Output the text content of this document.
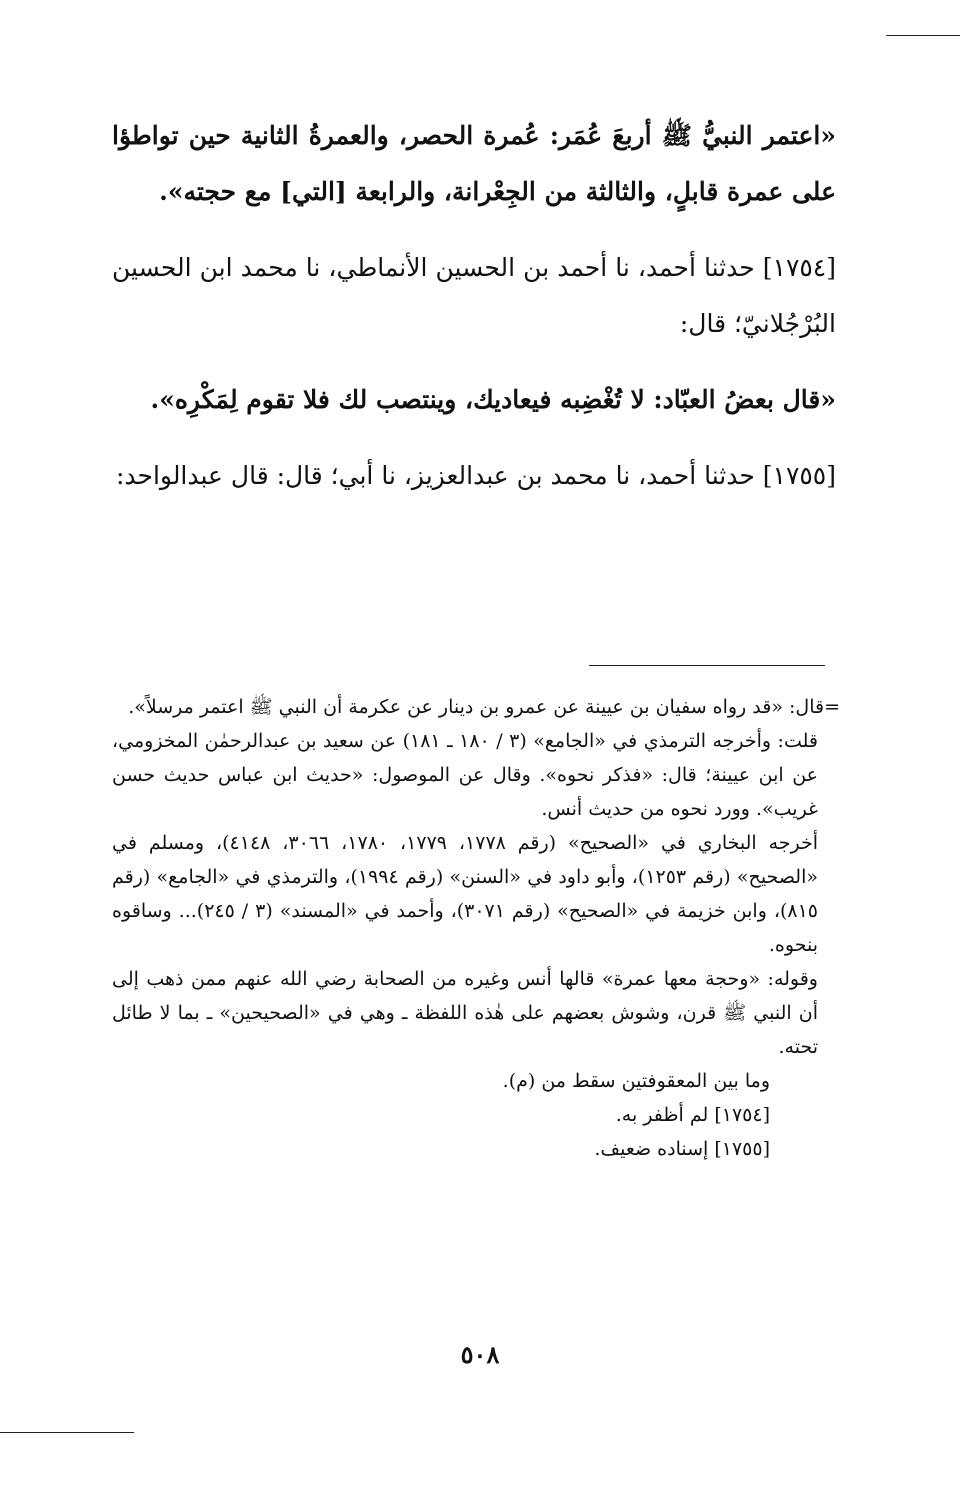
«اعتمر النبيُّ ﷺ أربعَ عُمَر: عُمرة الحصر، والعمرةُ الثانية حين تواطؤا على عمرة قابلٍ، والثالثة من الجِعْرانة، والرابعة [التي] مع حجته».

[١٧٥٤] حدثنا أحمد، نا أحمد بن الحسين الأنماطي، نا محمد ابن الحسين البُرْجُلانيّ؛ قال:

«قال بعضُ العبّاد: لا تُغْضِبه فيعاديك، وينتصب لك فلا تقوم لِمَكْرِه».

[١٧٥٥] حدثنا أحمد، نا محمد بن عبدالعزيز، نا أبي؛ قال: قال عبدالواحد:

=قال: «قد رواه سفيان بن عيينة عن عمرو بن دينار عن عكرمة أن النبي ﷺ اعتمر مرسلاً».

قلت: وأخرجه الترمذي في «الجامع» (٣ / ١٨٠ ـ ١٨١) عن سعيد بن عبدالرحمٰن المخزومي، عن ابن عيينة؛ قال: «فذكر نحوه». وقال عن الموصول: «حديث ابن عباس حديث حسن غريب». وورد نحوه من حديث أنس.

أخرجه البخاري في «الصحيح» (رقم ١٧٧٨، ١٧٧٩، ١٧٨٠، ٣٠٦٦، ٤١٤٨)، ومسلم في «الصحيح» (رقم ١٢٥٣)، وأبو داود في «السنن» (رقم ١٩٩٤)، والترمذي في «الجامع» (رقم ٨١٥)، وابن خزيمة في «الصحيح» (رقم ٣٠٧١)، وأحمد في «المسند» (٣ / ٢٤٥)... وساقوه بنحوه.

وقوله: «وحجة معها عمرة» قالها أنس وغيره من الصحابة رضي الله عنهم ممن ذهب إلى أن النبي ﷺ قرن، وشوش بعضهم على هٰذه اللفظة ـ وهي في «الصحيحين» ـ بما لا طائل تحته.

وما بين المعقوفتين سقط من (م).

[١٧٥٤] لم أظفر به.

[١٧٥٥] إسناده ضعيف.

٥٠٨
